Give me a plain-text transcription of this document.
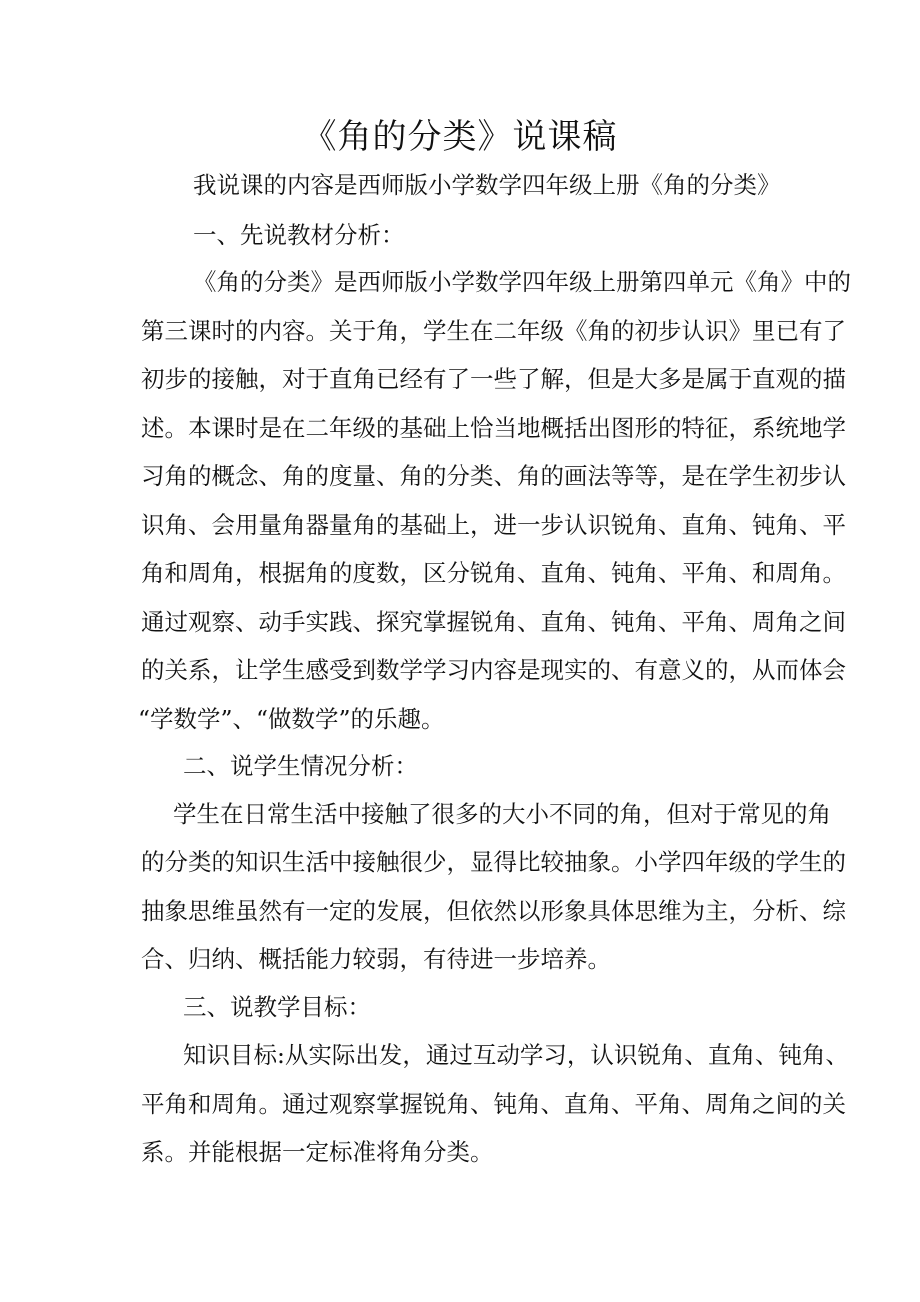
《角的分类》说课稿
我说课的内容是西师版小学数学四年级上册《角的分类》
一、先说教材分析：
《角的分类》是西师版小学数学四年级上册第四单元《角》中的
第三课时的内容。关于角，学生在二年级《角的初步认识》里已有了
初步的接触，对于直角已经有了一些了解，但是大多是属于直观的描
述。本课时是在二年级的基础上恰当地概括出图形的特征，系统地学
习角的概念、角的度量、角的分类、角的画法等等，是在学生初步认
识角、会用量角器量角的基础上，进一步认识锐角、直角、钝角、平
角和周角，根据角的度数，区分锐角、直角、钝角、平角、和周角。
通过观察、动手实践、探究掌握锐角、直角、钝角、平角、周角之间
的关系，让学生感受到数学学习内容是现实的、有意义的，从而体会
“学数学”、“做数学”的乐趣。
二、说学生情况分析：
学生在日常生活中接触了很多的大小不同的角，但对于常见的角
的分类的知识生活中接触很少，显得比较抽象。小学四年级的学生的
抽象思维虽然有一定的发展，但依然以形象具体思维为主，分析、综
合、归纳、概括能力较弱，有待进一步培养。
三、说教学目标：
知识目标:从实际出发，通过互动学习，认识锐角、直角、钝角、
平角和周角。通过观察掌握锐角、钝角、直角、平角、周角之间的关
系。并能根据一定标准将角分类。
